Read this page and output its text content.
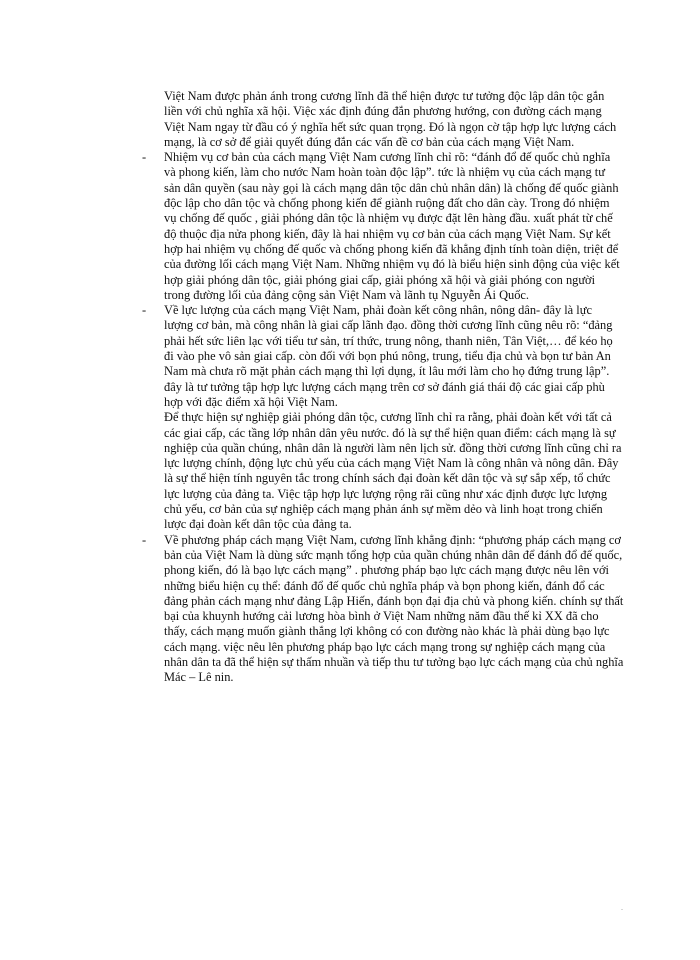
Việt Nam được phản ánh trong cương lĩnh đã thể hiện được tư tưởng độc lập dân tộc gắn liền với chủ nghĩa xã hội. Việc xác định đúng đắn phương hướng, con đường cách mạng Việt Nam ngay từ đầu có ý nghĩa hết sức quan trọng. Đó là ngọn cờ tập hợp lực lượng cách mạng, là cơ sở để giải quyết đúng đắn các vấn đề cơ bản của cách mạng Việt Nam.

- Nhiệm vụ cơ bản của cách mạng Việt Nam cương lĩnh chỉ rõ: “đánh đổ đế quốc chủ nghĩa và phong kiến, làm cho nước Nam hoàn toàn độc lập”. tức là nhiệm vụ của cách mạng tư sản dân quyền (sau này gọi là cách mạng dân tộc dân chủ nhân dân) là chống đế quốc giành độc lập cho dân tộc và chống phong kiến để giành ruộng đất cho dân cày. Trong đó nhiệm vụ chống đế quốc , giải phóng dân tộc là nhiệm vụ được đặt lên hàng đầu. xuất phát từ chế độ thuộc địa nửa phong kiến, đây là hai nhiệm vụ cơ bản của cách mạng Việt Nam. Sự kết hợp hai nhiệm vụ chống đế quốc và chống phong kiến đã khẳng định tính toàn diện, triệt để của đường lối cách mạng Việt Nam. Những nhiệm vụ đó là biểu hiện sinh động của việc kết hợp giải phóng dân tộc, giải phóng giai cấp, giải phóng xã hội và giải phóng con người trong đường lối của đảng cộng sản Việt Nam và lãnh tụ Nguyễn Ái Quốc.

- Về lực lượng của cách mạng Việt Nam, phải đoàn kết công nhân, nông dân- đây là lực lượng cơ bản, mà công nhân là giai cấp lãnh đạo. đồng thời cương lĩnh cũng nêu rõ: “đảng phải hết sức liên lạc với tiểu tư sản, trí thức, trung nông, thanh niên, Tân Việt,… để kéo họ đi vào phe vô sản giai cấp. còn đối với bọn phú nông, trung, tiểu địa chủ và bọn tư bản An Nam mà chưa rõ mặt phản cách mạng thì lợi dụng, ít lâu mới làm cho họ đứng trung lập”. đây là tư tưởng tập hợp lực lượng cách mạng trên cơ sở đánh giá thái độ các giai cấp phù hợp với đặc điểm xã hội Việt Nam.

Để thực hiện sự nghiệp giải phóng dân tộc, cương lĩnh chỉ ra rằng, phải đoàn kết với tất cả các giai cấp, các tầng lớp nhân dân yêu nước. đó là sự thể hiện quan điểm: cách mạng là sự nghiệp của quần chúng, nhân dân là người làm nên lịch sử. đồng thời cương lĩnh cũng chỉ ra lực lượng chính, động lực chủ yếu của cách mạng Việt Nam là công nhân và nông dân. Đây là sự thể hiện tính nguyên tắc trong chính sách đại đoàn kết dân tộc và sự sắp xếp, tổ chức lực lượng của đảng ta. Việc tập hợp lực lượng rộng rãi cũng như xác định được lực lượng chủ yếu, cơ bản của sự nghiệp cách mạng phản ánh sự mềm dẻo và linh hoạt trong chiến lược đại đoàn kết dân tộc của đảng ta.

- Về phương pháp cách mạng Việt Nam, cương lĩnh khẳng định: “phương pháp cách mạng cơ bản của Việt Nam là dùng sức mạnh tổng hợp của quần chúng nhân dân để đánh đổ đế quốc, phong kiến, đó là bạo lực cách mạng” . phương pháp bạo lực cách mạng được nêu lên với những biểu hiện cụ thể: đánh đổ đế quốc chủ nghĩa pháp và bọn phong kiến, đánh đổ các đảng phản cách mạng như đảng Lập Hiến, đánh bọn đại địa chủ và phong kiến. chính sự thất bại của khuynh hướng cải lương hòa bình ở Việt Nam những năm đầu thế kỉ XX đã cho thấy, cách mạng muốn giành thắng lợi không có con đường nào khác là phải dùng bạo lực cách mạng. việc nêu lên phương pháp bạo lực cách mạng trong sự nghiệp cách mạng của nhân dân ta đã thể hiện sự thấm nhuần và tiếp thu tư tưởng bạo lực cách mạng của chủ nghĩa Mác – Lê nin.

.
